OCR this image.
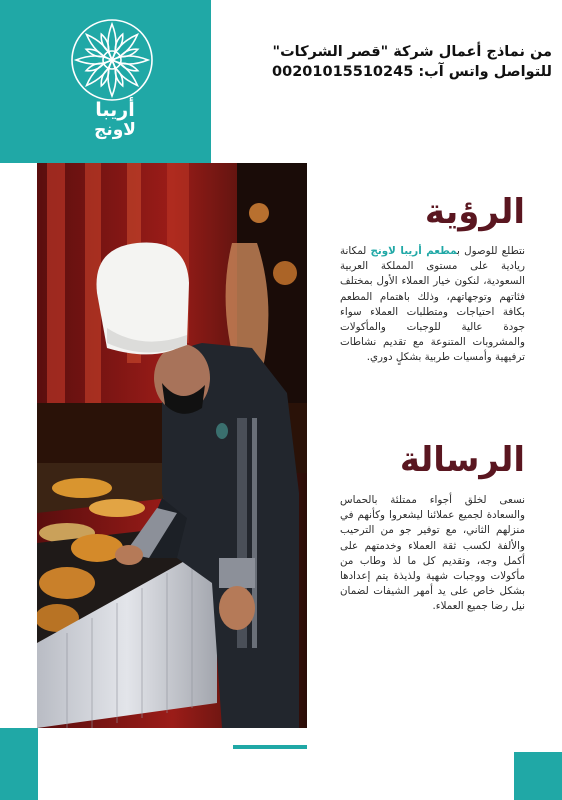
أريبا
لاونج
من نماذج أعمال شركة "قصر الشركات"
للتواصل واتس آب: 00201015510245
الرؤية
نتطلع للوصول بمطعم أريبا لاونج لمكانة ريادية على مستوى المملكة العربية السعودية، لنكون خيار العملاء الأول بمختلف فئاتهم وتوجهاتهم، وذلك باهتمام المطعم بكافة احتياجات ومتطلبات العملاء سواء جودة عالية للوجبات والمأكولات والمشروبات المتنوعة مع تقديم نشاطات ترفيهية وأمسيات طربية بشكلٍ دوري.
الرسالة
نسعى لخلق أجواء ممتلئة بالحماس والسعادة لجميع عملائنا ليشعروا وكأنهم في منزلهم الثاني، مع توفير جو من الترحيب والألفة لكسب ثقة العملاء وخدمتهم على أكمل وجه، وتقديم كل ما لذ وطاب من مأكولات ووجبات شهية ولذيذة يتم إعدادها بشكل خاص على يد أمهر الشيفات لضمان نيل رضا جميع العملاء.
